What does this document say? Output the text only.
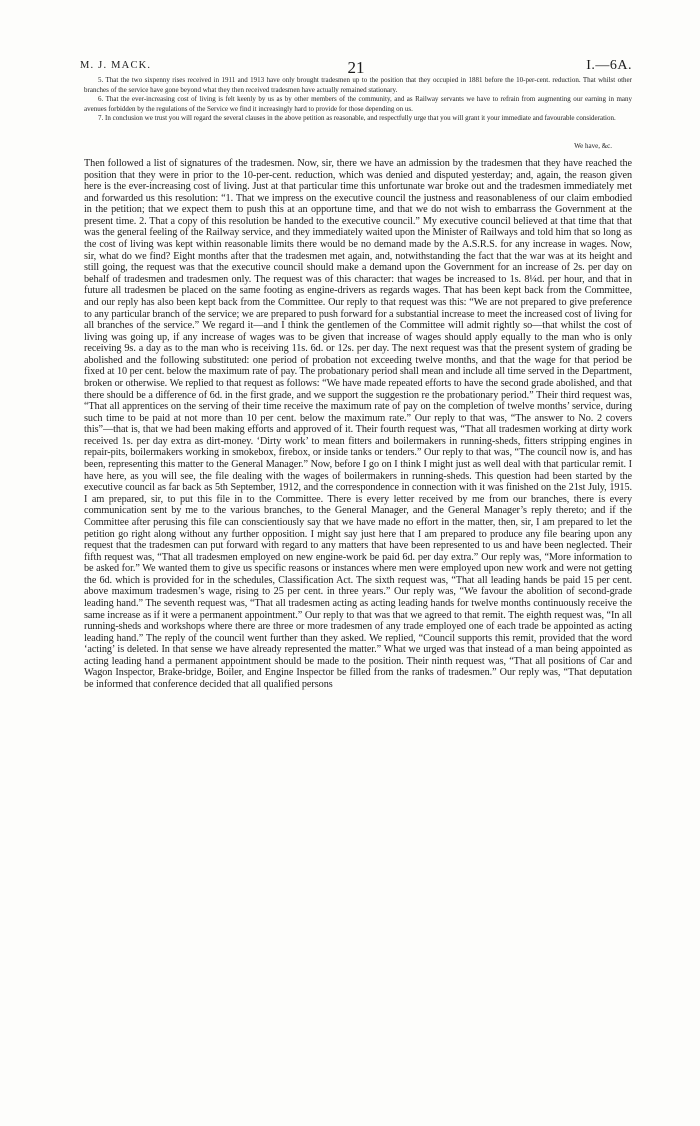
M. J. MACK.	21	I.—6A.

5. That the two sixpenny rises received in 1911 and 1913 have only brought tradesmen up to the position that they occupied in 1881 before the 10-per-cent. reduction. That whilst other branches of the service have gone beyond what they then received tradesmen have actually remained stationary.

6. That the ever-increasing cost of living is felt keenly by us as by other members of the community, and as Railway servants we have to refrain from augmenting our earning in many avenues forbidden by the regulations of the Service we find it increasingly hard to provide for those depending on us.

7. In conclusion we trust you will regard the several clauses in the above petition as reasonable, and respectfully urge that you will grant it your immediate and favourable consideration.

We have, &c.

Then followed a list of signatures of the tradesmen. Now, sir, there we have an admission by the tradesmen that they have reached the position that they were in prior to the 10-per-cent. reduction, which was denied and disputed yesterday; and, again, the reason given here is the ever-increasing cost of living. Just at that particular time this unfortunate war broke out and the tradesmen immediately met and forwarded us this resolution: “1. That we impress on the executive council the justness and reasonableness of our claim embodied in the petition; that we expect them to push this at an opportune time, and that we do not wish to embarrass the Government at the present time. 2. That a copy of this resolution be handed to the executive council.” My executive council believed at that time that that was the general feeling of the Railway service, and they immediately waited upon the Minister of Railways and told him that so long as the cost of living was kept within reasonable limits there would be no demand made by the A.S.R.S. for any increase in wages. Now, sir, what do we find? Eight months after that the tradesmen met again, and, notwithstanding the fact that the war was at its height and still going, the request was that the executive council should make a demand upon the Government for an increase of 2s. per day on behalf of tradesmen and tradesmen only. The request was of this character: that wages be increased to 1s. 8¼d. per hour, and that in future all tradesmen be placed on the same footing as engine-drivers as regards wages. That has been kept back from the Committee, and our reply has also been kept back from the Committee. Our reply to that request was this: “We are not prepared to give preference to any particular branch of the service; we are prepared to push forward for a substantial increase to meet the increased cost of living for all branches of the service.” We regard it—and I think the gentlemen of the Committee will admit rightly so—that whilst the cost of living was going up, if any increase of wages was to be given that increase of wages should apply equally to the man who is only receiving 9s. a day as to the man who is receiving 11s. 6d. or 12s. per day. The next request was that the present system of grading be abolished and the following substituted: one period of probation not exceeding twelve months, and that the wage for that period be fixed at 10 per cent. below the maximum rate of pay. The probationary period shall mean and include all time served in the Department, broken or otherwise. We replied to that request as follows: “We have made repeated efforts to have the second grade abolished, and that there should be a difference of 6d. in the first grade, and we support the suggestion re the probationary period.” Their third request was, “That all apprentices on the serving of their time receive the maximum rate of pay on the completion of twelve months’ service, during such time to be paid at not more than 10 per cent. below the maximum rate.” Our reply to that was, “The answer to No. 2 covers this”—that is, that we had been making efforts and approved of it. Their fourth request was, “That all tradesmen working at dirty work received 1s. per day extra as dirt-money. ‘Dirty work’ to mean fitters and boilermakers in running-sheds, fitters stripping engines in repair-pits, boilermakers working in smokebox, firebox, or inside tanks or tenders.” Our reply to that was, “The council now is, and has been, representing this matter to the General Manager.” Now, before I go on I think I might just as well deal with that particular remit. I have here, as you will see, the file dealing with the wages of boilermakers in running-sheds. This question had been started by the executive council as far back as 5th September, 1912, and the correspondence in connection with it was finished on the 21st July, 1915. I am prepared, sir, to put this file in to the Committee. There is every letter received by me from our branches, there is every communication sent by me to the various branches, to the General Manager, and the General Manager’s reply thereto; and if the Committee after perusing this file can conscientiously say that we have made no effort in the matter, then, sir, I am prepared to let the petition go right along without any further opposition. I might say just here that I am prepared to produce any file bearing upon any request that the tradesmen can put forward with regard to any matters that have been represented to us and have been neglected. Their fifth request was, “That all tradesmen employed on new engine-work be paid 6d. per day extra.” Our reply was, “More information to be asked for.” We wanted them to give us specific reasons or instances where men were employed upon new work and were not getting the 6d. which is provided for in the schedules, Classification Act. The sixth request was, “That all leading hands be paid 15 per cent. above maximum tradesmen’s wage, rising to 25 per cent. in three years.” Our reply was, “We favour the abolition of second-grade leading hand.” The seventh request was, “That all tradesmen acting as acting leading hands for twelve months continuously receive the same increase as if it were a permanent appointment.” Our reply to that was that we agreed to that remit. The eighth request was, “In all running-sheds and workshops where there are three or more tradesmen of any trade employed one of each trade be appointed as acting leading hand.” The reply of the council went further than they asked. We replied, “Council supports this remit, provided that the word ‘acting’ is deleted. In that sense we have already represented the matter.” What we urged was that instead of a man being appointed as acting leading hand a permanent appointment should be made to the position. Their ninth request was, “That all positions of Car and Wagon Inspector, Brake-bridge, Boiler, and Engine Inspector be filled from the ranks of tradesmen.” Our reply was, “That deputation be informed that conference decided that all qualified persons
